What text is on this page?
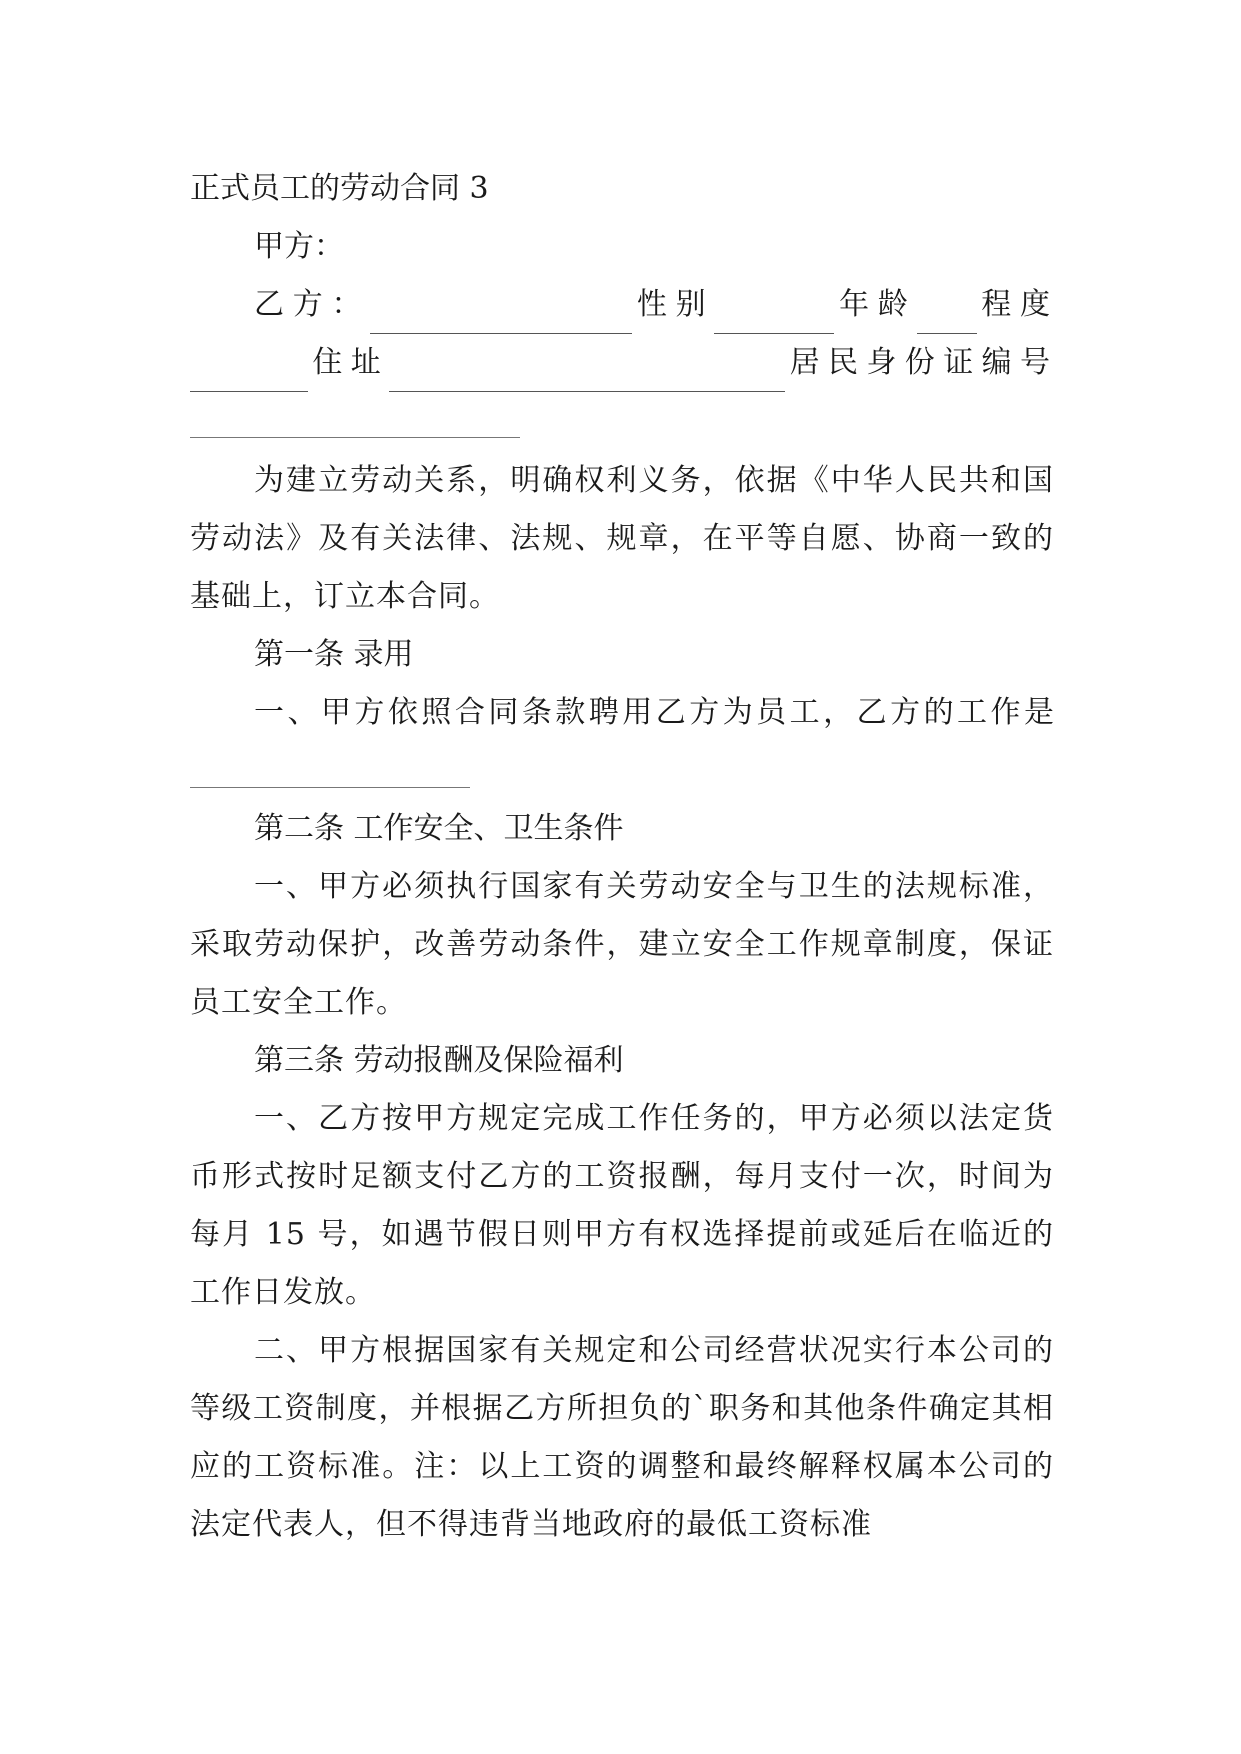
正式员工的劳动合同 3

甲方：

乙方：	性别	年龄 程度

住址	居民身份证编号

为建立劳动关系，明确权利义务，依据《中华人民共和国劳动法》及有关法律、法规、规章，在平等自愿、协商一致的基础上，订立本合同。

第一条 录用

一、甲方依照合同条款聘用乙方为员工，乙方的工作是

第二条 工作安全、卫生条件

一、甲方必须执行国家有关劳动安全与卫生的法规标准，采取劳动保护，改善劳动条件，建立安全工作规章制度，保证员工安全工作。

第三条 劳动报酬及保险福利

一、乙方按甲方规定完成工作任务的，甲方必须以法定货币形式按时足额支付乙方的工资报酬，每月支付一次，时间为每月 15 号，如遇节假日则甲方有权选择提前或延后在临近的工作日发放。

二、甲方根据国家有关规定和公司经营状况实行本公司的等级工资制度，并根据乙方所担负的`职务和其他条件确定其相应的工资标准。注：以上工资的调整和最终解释权属本公司的法定代表人，但不得违背当地政府的最低工资标准
